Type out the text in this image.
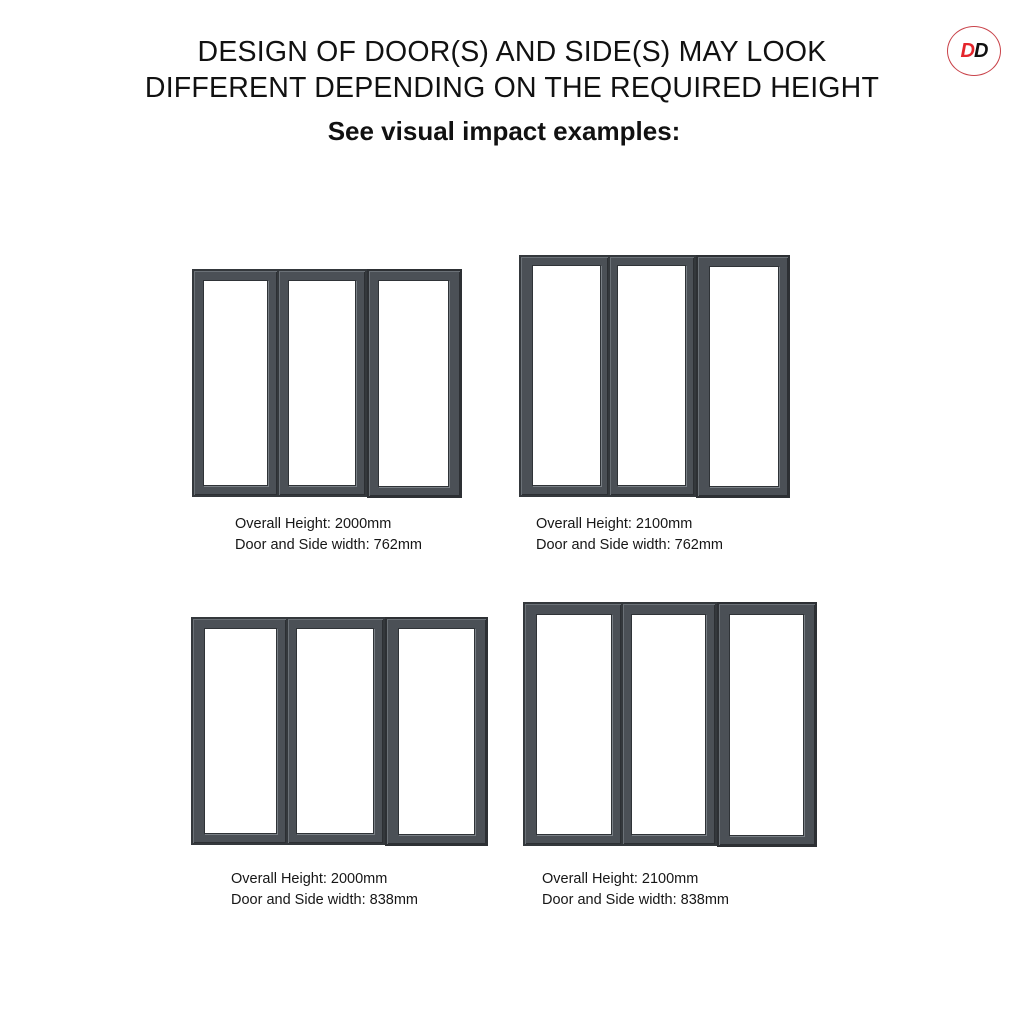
DESIGN OF DOOR(S) AND SIDE(S) MAY LOOK
DIFFERENT DEPENDING ON THE REQUIRED HEIGHT
See visual impact examples:
D D
Overall Height: 2000mm
Door and Side width: 762mm
Overall Height: 2100mm
Door and Side width: 762mm
Overall Height: 2000mm
Door and Side width: 838mm
Overall Height: 2100mm
Door and Side width: 838mm
